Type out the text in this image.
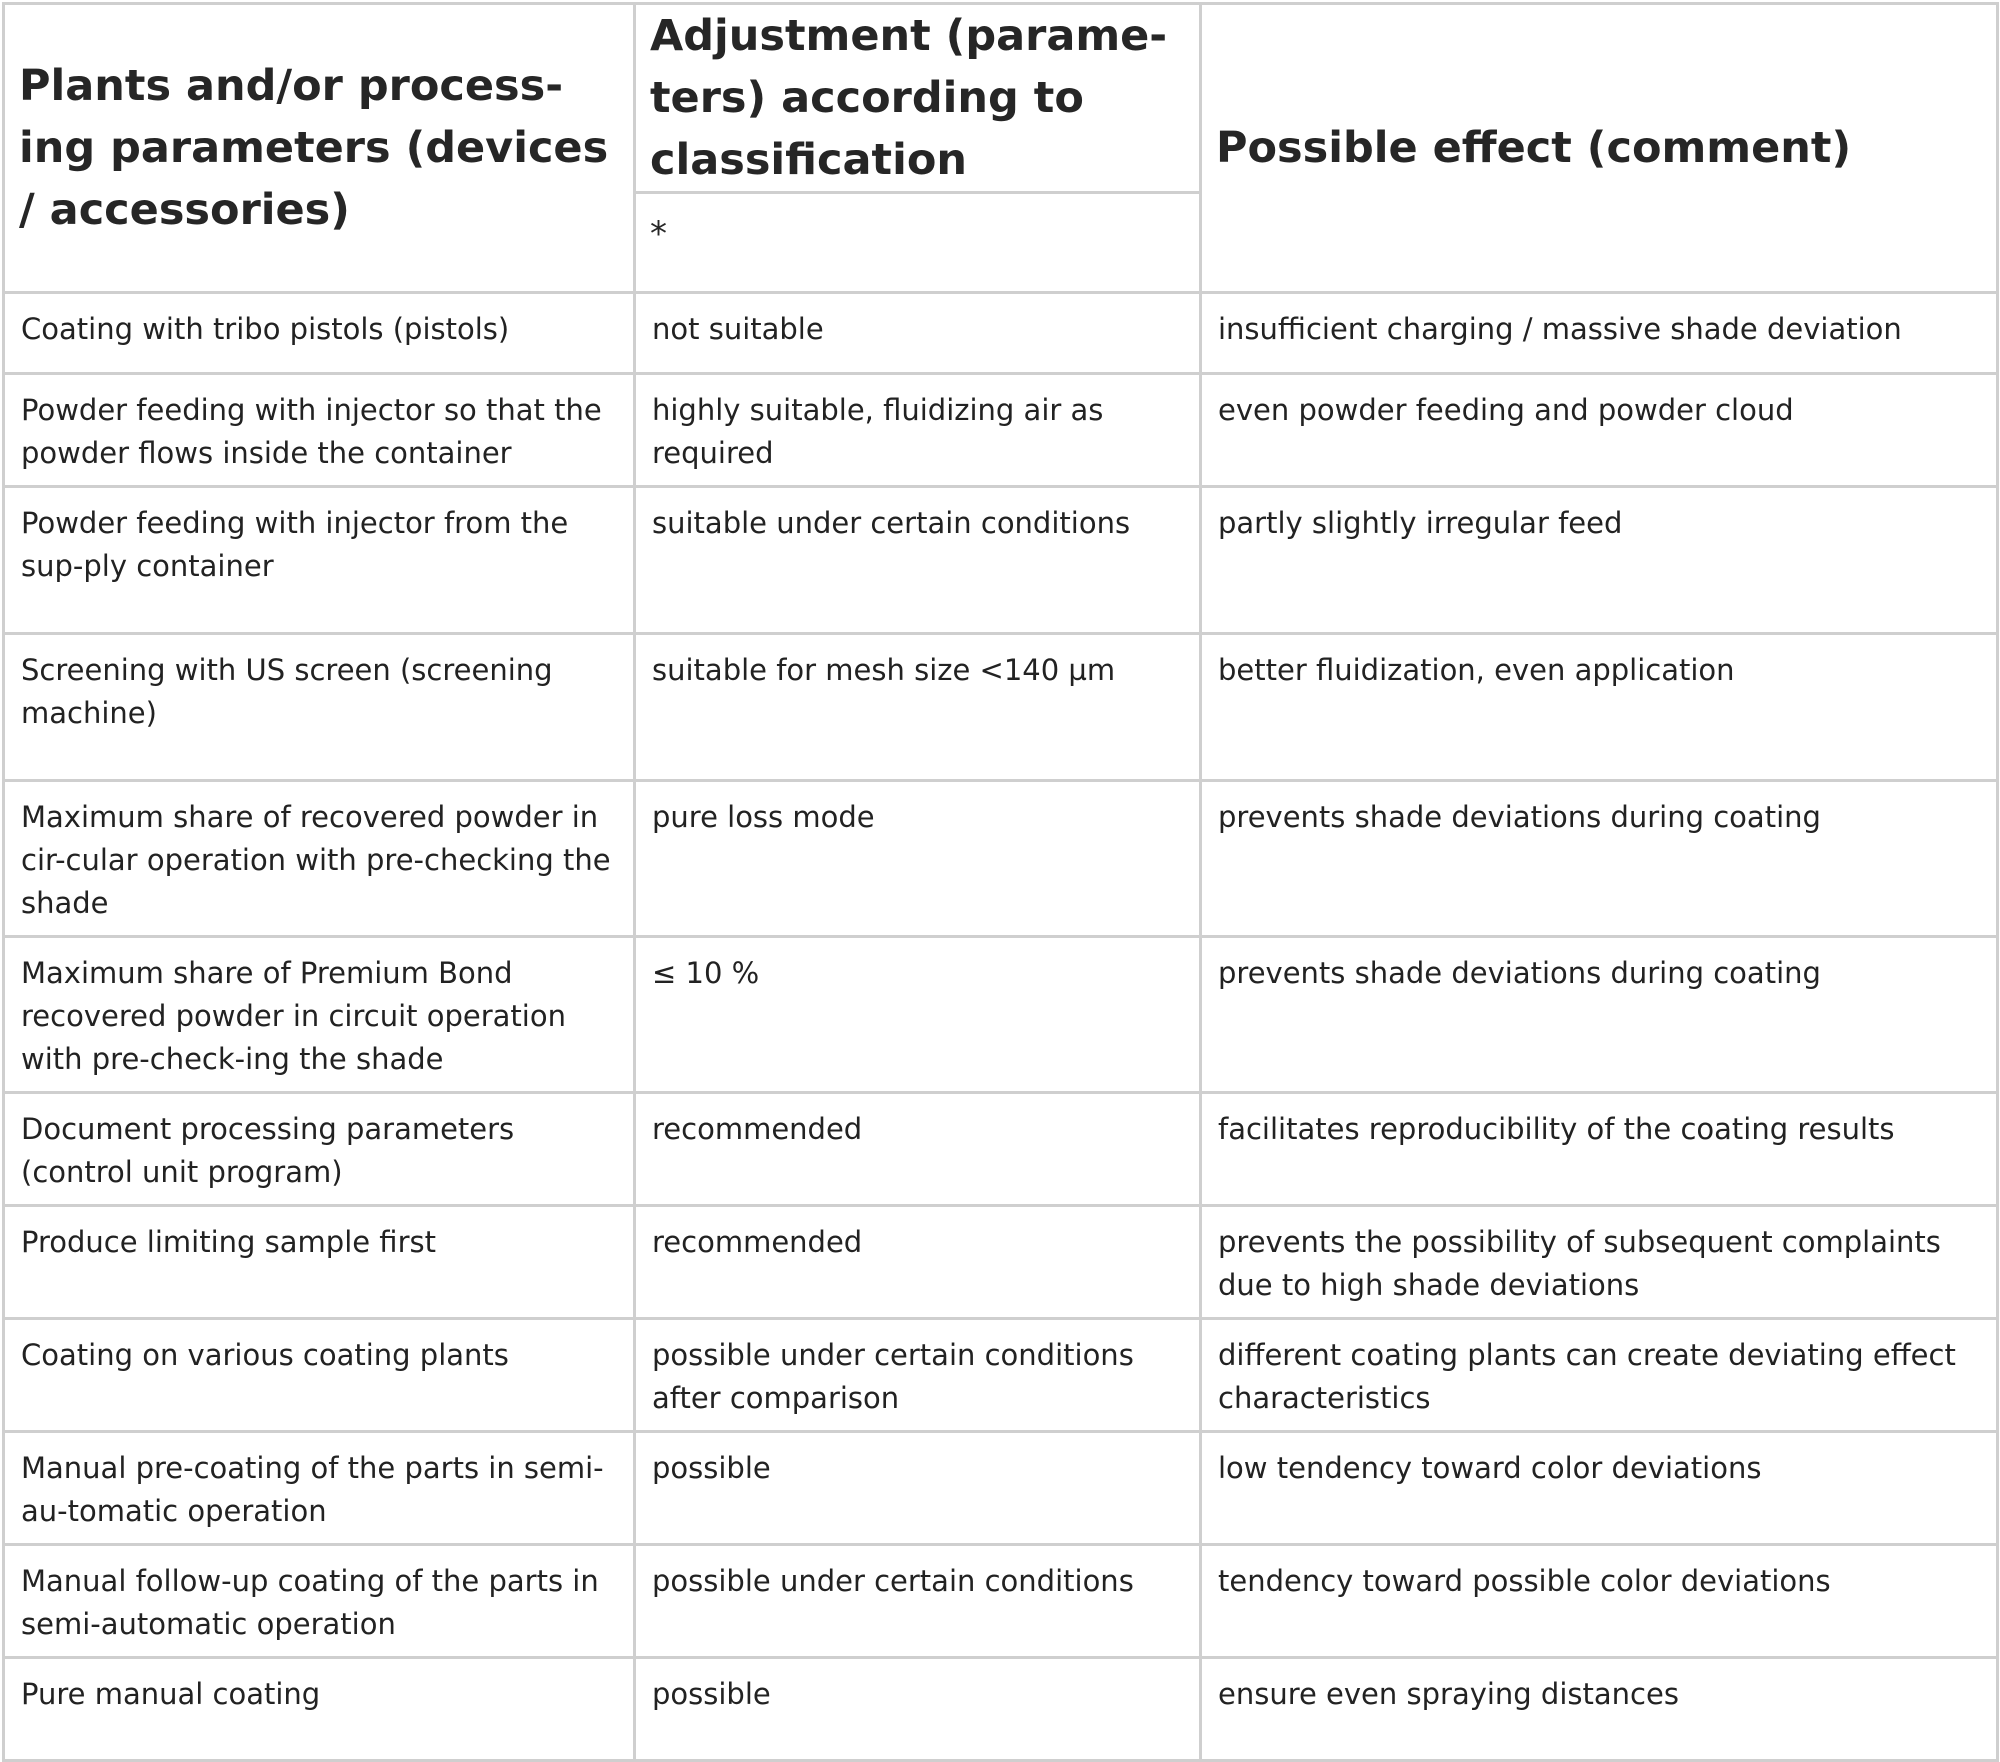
Plants and/or process-ing parameters (devices / accessories)	Adjustment (parame-ters) according to classification	Possible effect (comment)
	*	
Coating with tribo pistols (pistols)	not suitable	insufficient charging / massive shade deviation
Powder feeding with injector so that the powder flows inside the container	highly suitable, fluidizing air as required	even powder feeding and powder cloud
Powder feeding with injector from the sup-ply container	suitable under certain conditions	partly slightly irregular feed
Screening with US screen (screening machine)	suitable for mesh size <140 µm	better fluidization, even application
Maximum share of recovered powder in cir-cular operation with pre-checking the shade	pure loss mode	prevents shade deviations during coating
Maximum share of Premium Bond recovered powder in circuit operation with pre-check-ing the shade	≤ 10 %	prevents shade deviations during coating
Document processing parameters (control unit program)	recommended	facilitates reproducibility of the coating results
Produce limiting sample first	recommended	prevents the possibility of subsequent complaints due to high shade deviations
Coating on various coating plants	possible under certain conditions after comparison	different coating plants can create deviating effect characteristics
Manual pre-coating of the parts in semi-au-tomatic operation	possible	low tendency toward color deviations
Manual follow-up coating of the parts in semi-automatic operation	possible under certain conditions	tendency toward possible color deviations
Pure manual coating	possible	ensure even spraying distances
